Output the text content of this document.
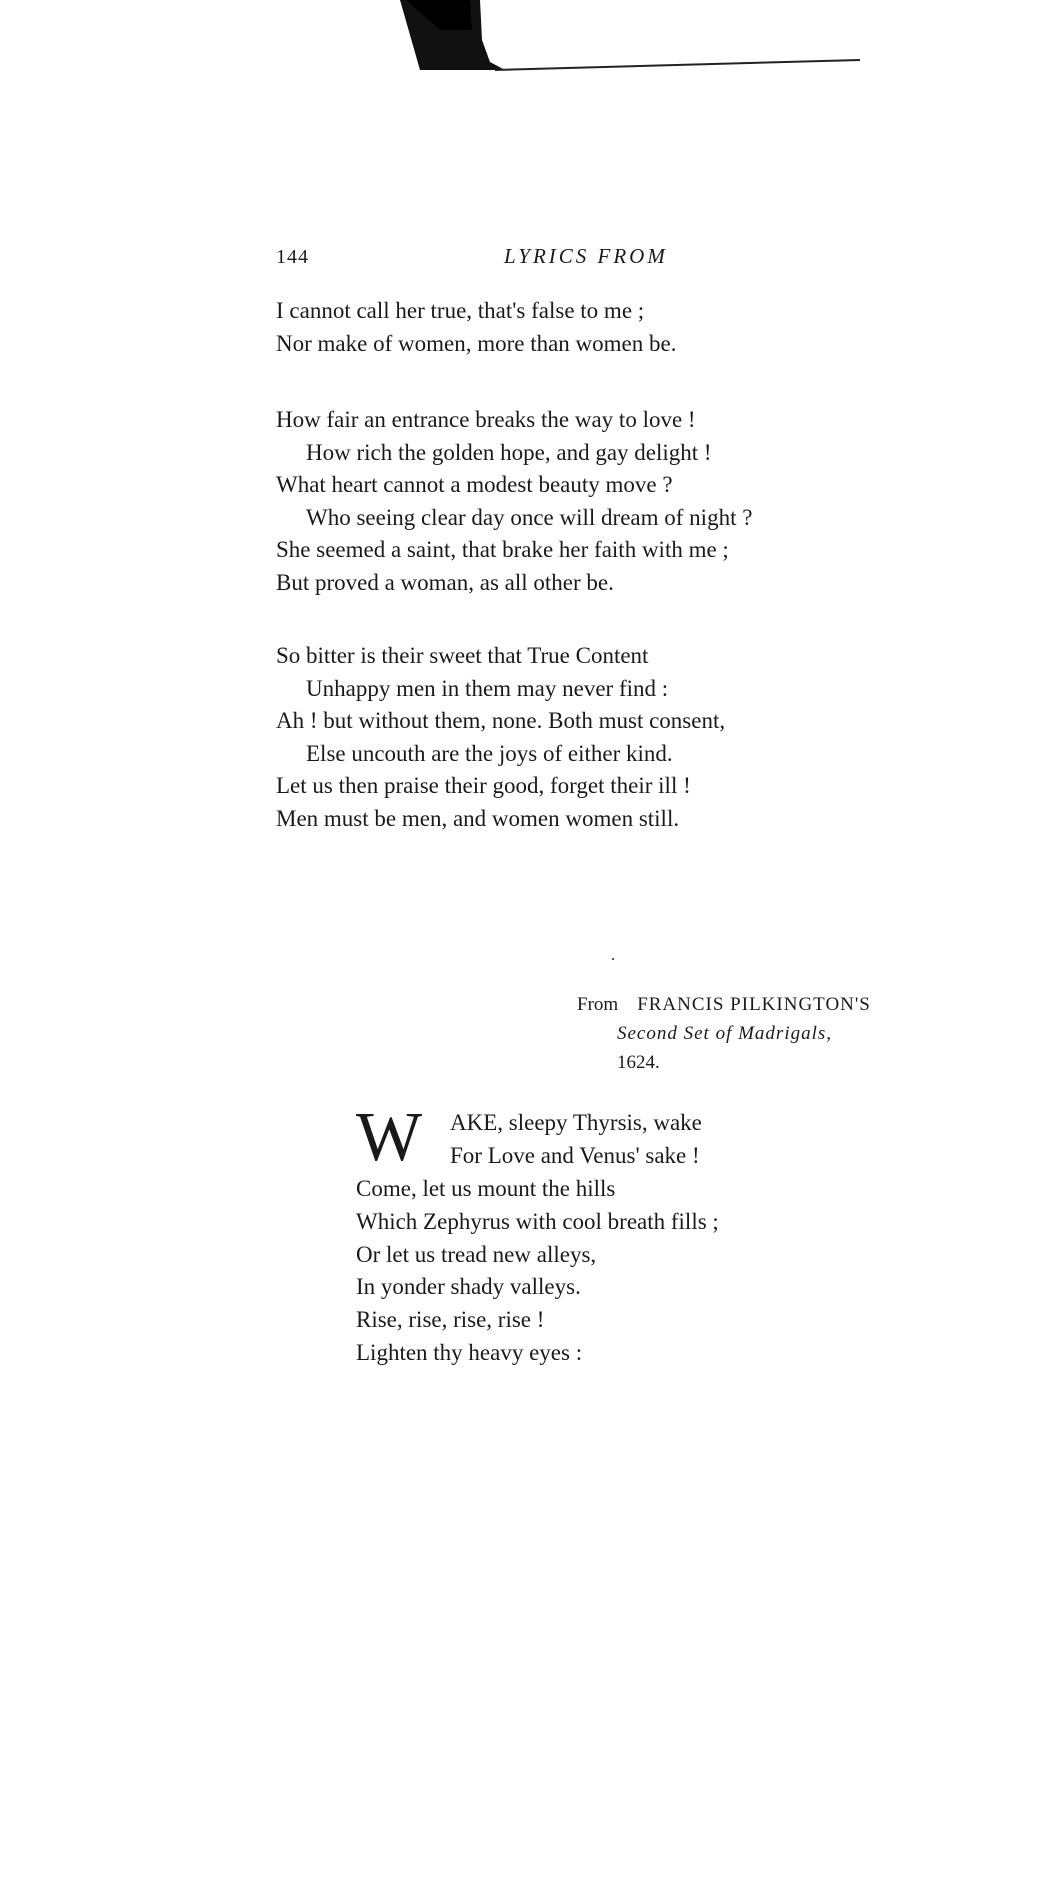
144	LYRICS FROM
I cannot call her true, that's false to me ;
Nor make of women, more than women be.
How fair an entrance breaks the way to love !
How rich the golden hope, and gay delight !
What heart cannot a modest beauty move ?
Who seeing clear day once will dream of night ?
She seemed a saint, that brake her faith with me ;
But proved a woman, as all other be.
So bitter is their sweet that True Content
Unhappy men in them may never find :
Ah ! but without them, none. Both must consent,
Else uncouth are the joys of either kind.
Let us then praise their good, forget their ill !
Men must be men, and women women still.
From FRANCIS PILKINGTON'S
Second Set of Madrigals,
1624.
W AKE, sleepy Thyrsis, wake
For Love and Venus' sake !
Come, let us mount the hills
Which Zephyrus with cool breath fills ;
Or let us tread new alleys,
In yonder shady valleys.
Rise, rise, rise, rise !
Lighten thy heavy eyes :
